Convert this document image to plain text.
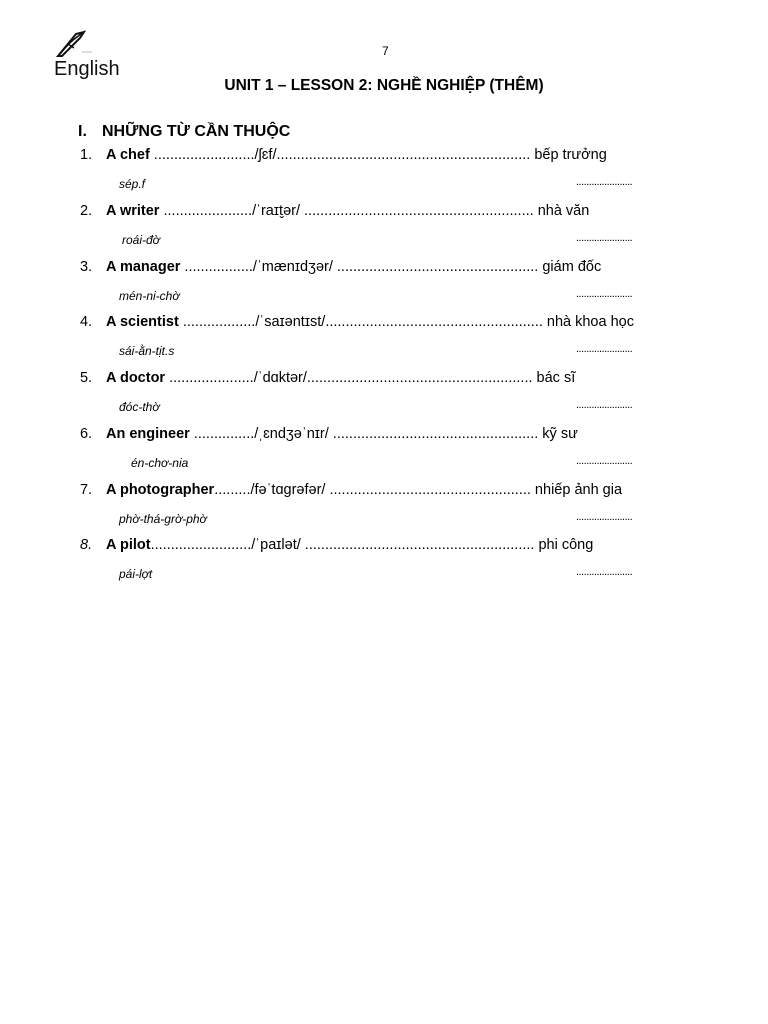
English
7
UNIT 1 – LESSON 2: NGHỀ NGHIỆP (THÊM)
I. NHỮNG TỪ CẦN THUỘC
1. A chef ........................./ʃɛf/............................................................... bếp trưởng
sép.f	......................
2. A writer ....................../ˈraɪt̬ər/ ......................................................... nhà văn
roái-đờ	......................
3. A manager ................./ˈmænɪdʒər/ .................................................. giám đốc
mén-ni-chờ	......................
4. A scientist ................../ˈsaɪəntɪst/...................................................... nhà khoa học
sái-ằn-tịt.s	......................
5. A doctor ...................../ˈdɑktər/........................................................ bác sĩ
đóc-thờ	......................
6. An engineer .............../ˌɛndʒəˈnɪr/ ................................................... kỹ sư
én-chơ-nia	......................
7. A photographer........./fəˈtɑgrəfər/ .................................................. nhiếp ảnh gia
phờ-thá-grờ-phờ	......................
8. A pilot........................./ˈpaɪlət/ ......................................................... phi công
pái-lợt	......................
